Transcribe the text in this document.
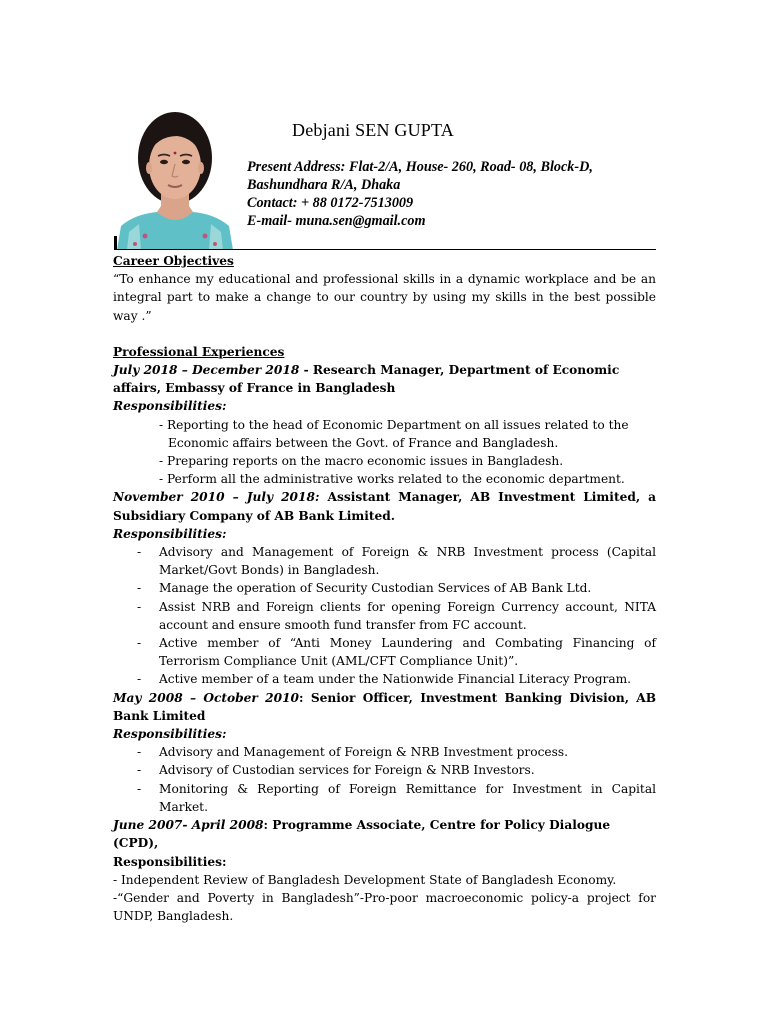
Debjani SEN GUPTA
Present Address: Flat-2/A, House- 260, Road- 08, Block-D,
Bashundhara R/A, Dhaka
Contact: + 88 0172-7513009
E-mail- muna.sen@gmail.com
Career Objectives
“To enhance my educational and professional skills in a dynamic workplace and be an integral part to make a change to our country by using my skills in the best possible way .”
Professional Experiences
July 2018 – December 2018 - Research Manager, Department of Economic affairs, Embassy of France in Bangladesh
Responsibilities:
- Reporting to the head of Economic Department on all issues related to the
Economic affairs between the Govt. of France and Bangladesh.
- Preparing reports on the macro economic issues in Bangladesh.
- Perform all the administrative works related to the economic department.
November 2010 – July 2018: Assistant Manager, AB Investment Limited, a Subsidiary Company of AB Bank Limited.
Responsibilities:
- Advisory and Management of Foreign & NRB Investment process (Capital Market/Govt Bonds) in Bangladesh.
- Manage the operation of Security Custodian Services of AB Bank Ltd.
- Assist NRB and Foreign clients for opening Foreign Currency account, NITA account and ensure smooth fund transfer from FC account.
- Active member of “Anti Money Laundering and Combating Financing of Terrorism Compliance Unit (AML/CFT Compliance Unit)”.
- Active member of a team under the Nationwide Financial Literacy Program.
May 2008 – October 2010: Senior Officer, Investment Banking Division, AB Bank Limited
Responsibilities:
- Advisory and Management of Foreign & NRB Investment process.
- Advisory of Custodian services for Foreign & NRB Investors.
- Monitoring & Reporting of Foreign Remittance for Investment in Capital Market.
June 2007- April 2008: Programme Associate, Centre for Policy Dialogue (CPD),
Responsibilities:
- Independent Review of Bangladesh Development State of Bangladesh Economy.
-“Gender and Poverty in Bangladesh”-Pro-poor macroeconomic policy-a project for UNDP, Bangladesh.
